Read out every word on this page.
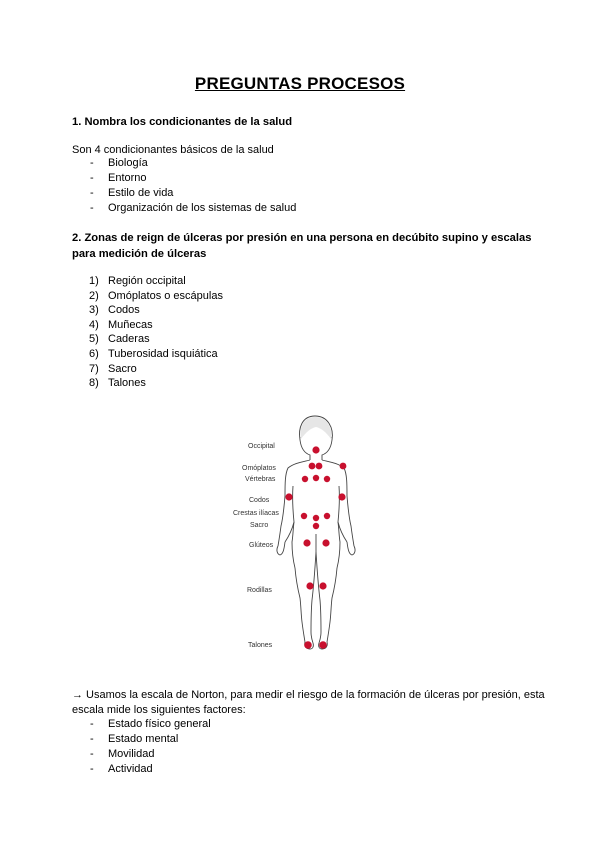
PREGUNTAS PROCESOS
1. Nombra los condicionantes de la salud
Son 4 condicionantes básicos de la salud
- Biología
- Entorno
- Estilo de vida
- Organización de los sistemas de salud
2. Zonas de reign de úlceras por presión en una persona en decúbito supino y escalas para medición de úlceras
1) Región occipital
2) Omóplatos o escápulas
3) Codos
4) Muñecas
5) Caderas
6) Tuberosidad isquiática
7) Sacro
8) Talones
Occipital
Omóplatos
Vértebras
Codos
Crestas ilíacas
Sacro
Glúteos
Rodillas
Talones
→ Usamos la escala de Norton, para medir el riesgo de la formación de úlceras por presión, esta escala mide los siguientes factores:
- Estado físico general
- Estado mental
- Movilidad
- Actividad
